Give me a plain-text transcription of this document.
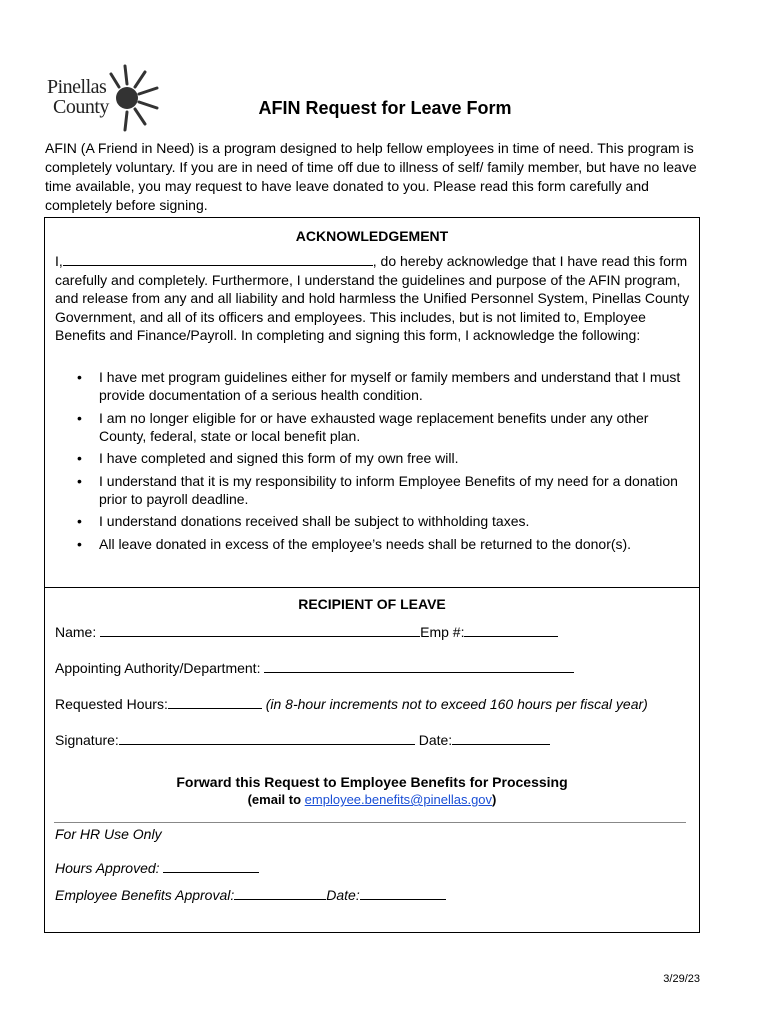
Pinellas
County	AFIN Request for Leave Form
AFIN (A Friend in Need) is a program designed to help fellow employees in time of need. This program is completely voluntary. If you are in need of time off due to illness of self/ family member, but have no leave time available, you may request to have leave donated to you. Please read this form carefully and completely before signing.
ACKNOWLEDGEMENT
I,	, do hereby acknowledge that I have read this form carefully and completely. Furthermore, I understand the guidelines and purpose of the AFIN program, and release from any and all liability and hold harmless the Unified Personnel System, Pinellas County Government, and all of its officers and employees. This includes, but is not limited to, Employee Benefits and Finance/Payroll. In completing and signing this form, I acknowledge the following:
• I have met program guidelines either for myself or family members and understand that I must provide documentation of a serious health condition.
• I am no longer eligible for or have exhausted wage replacement benefits under any other County, federal, state or local benefit plan.
• I have completed and signed this form of my own free will.
• I understand that it is my responsibility to inform Employee Benefits of my need for a donation prior to payroll deadline.
• I understand donations received shall be subject to withholding taxes.
• All leave donated in excess of the employee’s needs shall be returned to the donor(s).
RECIPIENT OF LEAVE
Name:	Emp #:
Appointing Authority/Department:
Requested Hours:	(in 8-hour increments not to exceed 160 hours per fiscal year)
Signature:	Date:
Forward this Request to Employee Benefits for Processing
(email to employee.benefits@pinellas.gov)
For HR Use Only
Hours Approved:
Employee Benefits Approval:	Date:
3/29/23
